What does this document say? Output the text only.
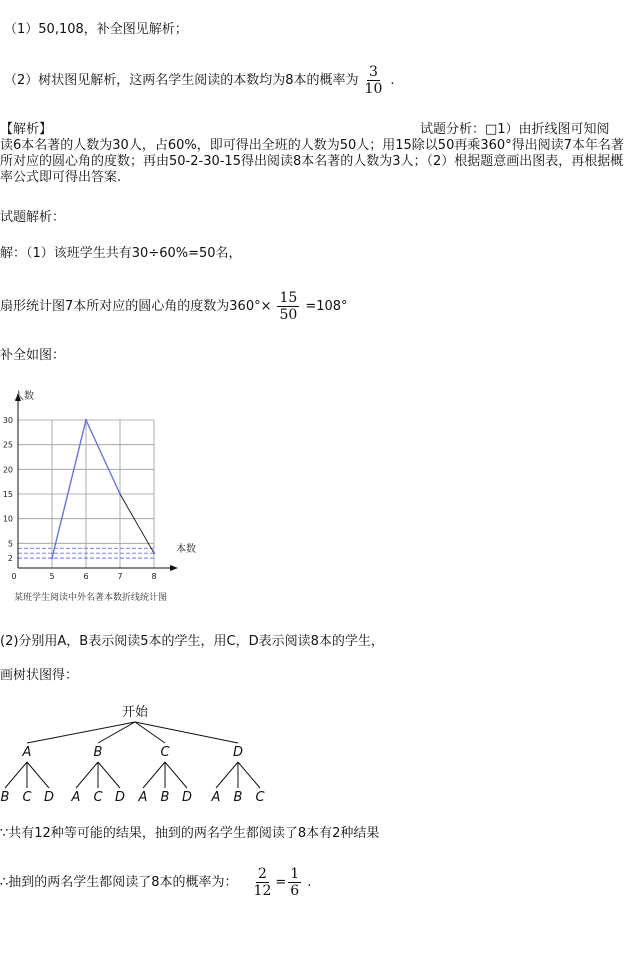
（1）50,108，补全图见解析；
（2）树状图见解析，这两名学生阅读的本数均为8本的概率为 $\frac{3}{10}$ .
【解析】	试题分析：□1）由折线图可知阅
读6本名著的人数为30人，占60%，即可得出全班的人数为50人；用15除以50再乘360°得出阅读7本年名著所对应的圆心角的度数；再由50-2-30-15得出阅读8本名著的人数为3人；（2）根据题意画出图表，再根据概率公式即可得出答案.
试题解析：
解：（1）该班学生共有30÷60%=50名，
扇形统计图7本所对应的圆心角的度数为$360^\circ\times \frac{15}{50} =108^\circ$
补全如图：
2
5
10
15
20
25
30
0	5	6	7	8
人数
本数
某班学生阅读中外名著本数折线统计图
(2)分别用A，B表示阅读5本的学生，用C，D表示阅读8本的学生，
画树状图得：
开始
A
B C D
B
A C D
C
A B D
D
A B C
∵共有12种等可能的结果，抽到的两名学生都阅读了8本有2种结果
∴抽到的两名学生都阅读了8本的概率为： $\frac{2}{12} = \frac{1}{6}$ .
